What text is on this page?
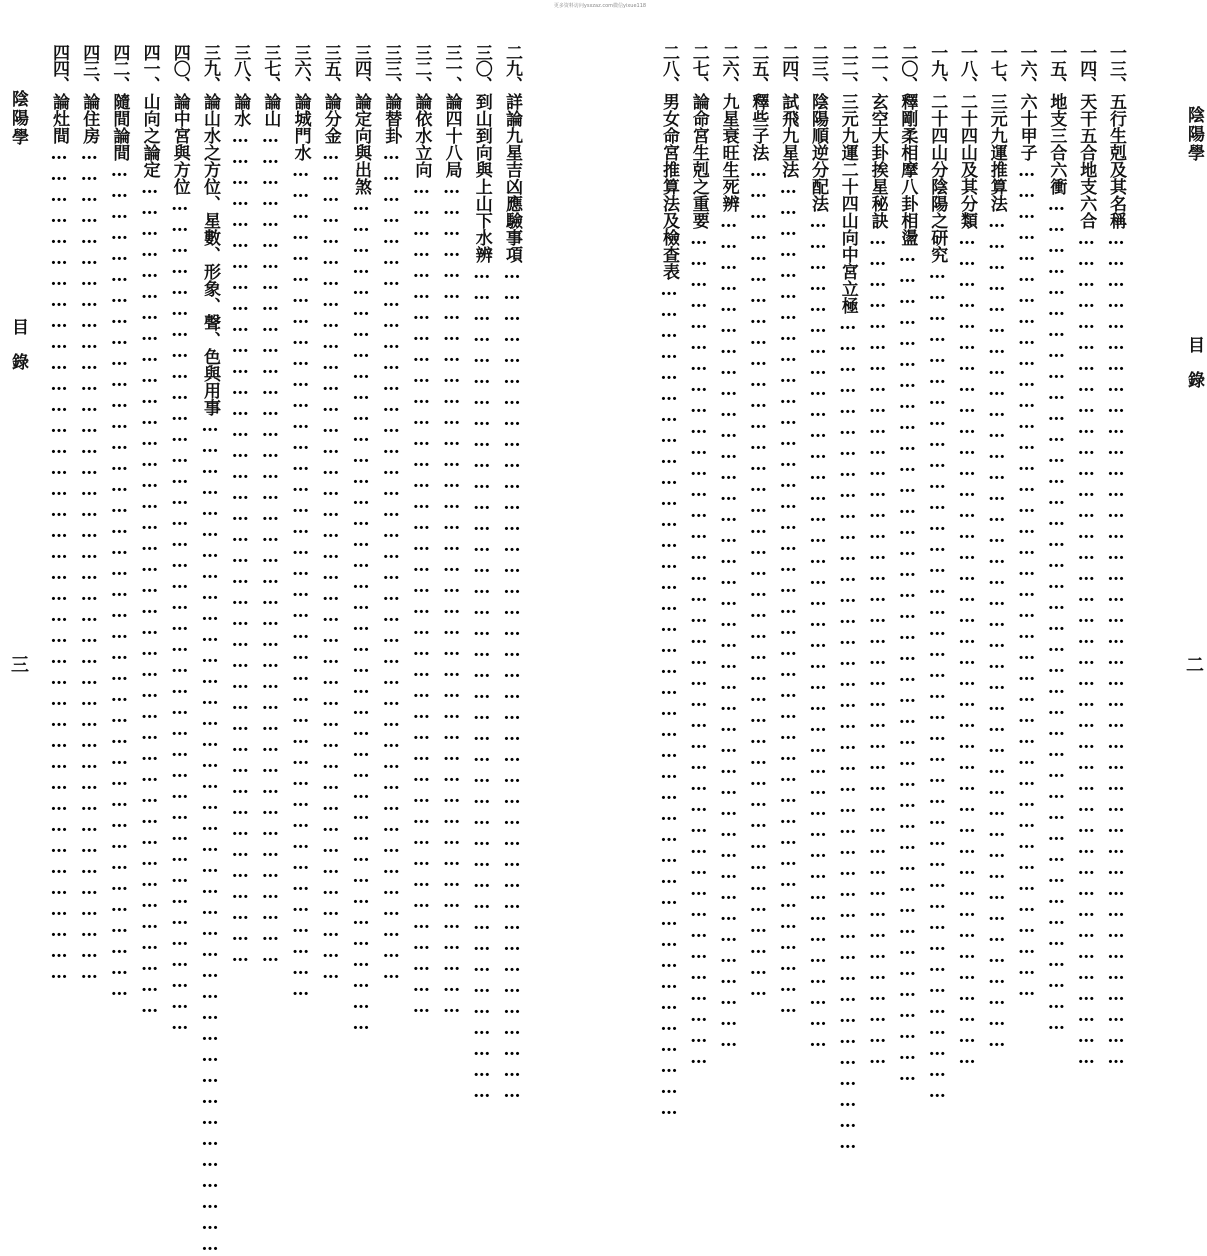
更多资料访问ysxzaz.com微信yixue118
陰陽學
目錄
三
二九、詳論九星吉凶應驗事項…………………………………………………………………………………………………………
三〇、到山到向與上山下水辨…………………………………………………………………………………………………………
三一、論四十八局…………………………………………………………………………………………………………
三二、論依水立向…………………………………………………………………………………………………………
三三、論替卦…………………………………………………………………………………………………………
三四、論定向與出煞…………………………………………………………………………………………………………
三五、論分金…………………………………………………………………………………………………………
三六、論城門水…………………………………………………………………………………………………………
三七、論山…………………………………………………………………………………………………………
三八、論水…………………………………………………………………………………………………………
三九、論山水之方位、星數、形象、聲、色與用事…………………………………………………………………………………………………………
四〇、論中宮與方位…………………………………………………………………………………………………………
四一、山向之論定…………………………………………………………………………………………………………
四二、隨間論間…………………………………………………………………………………………………………
四三、論住房…………………………………………………………………………………………………………
四四、論灶間…………………………………………………………………………………………………………
陰陽學
目錄
二
一三、五行生剋及其名稱…………………………………………………………………………………………………………
一四、天干五合地支六合…………………………………………………………………………………………………………
一五、地支三合六衝…………………………………………………………………………………………………………
一六、六十甲子…………………………………………………………………………………………………………
一七、三元九運推算法…………………………………………………………………………………………………………
一八、二十四山及其分類…………………………………………………………………………………………………………
一九、二十四山分陰陽之研究…………………………………………………………………………………………………………
二〇、釋剛柔相摩八卦相盪…………………………………………………………………………………………………………
二一、玄空大卦挨星秘訣…………………………………………………………………………………………………………
二二、三元九運二十四山向中宮立極…………………………………………………………………………………………………………
二三、陰陽順逆分配法…………………………………………………………………………………………………………
二四、試飛九星法…………………………………………………………………………………………………………
二五、釋些子法…………………………………………………………………………………………………………
二六、九星衰旺生死辨…………………………………………………………………………………………………………
二七、論命宮生剋之重要…………………………………………………………………………………………………………
二八、男女命宮推算法及檢查表…………………………………………………………………………………………………………
